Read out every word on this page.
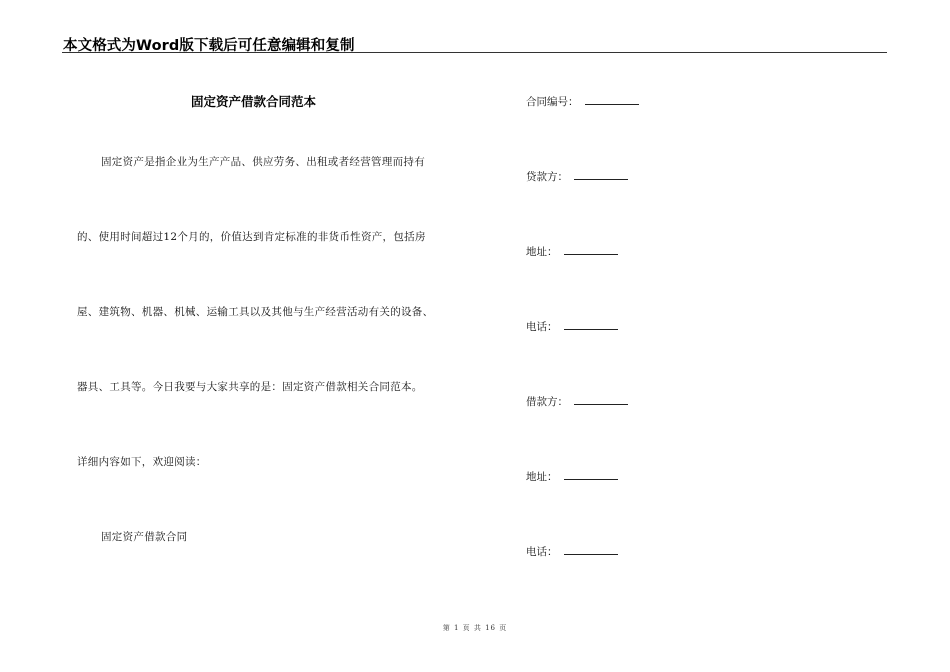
本文格式为Word版下载后可任意编辑和复制
固定资产借款合同范本
固定资产是指企业为生产产品、供应劳务、出租或者经营管理而持有
的、使用时间超过12个月的，价值达到肯定标准的非货币性资产，包括房
屋、建筑物、机器、机械、运输工具以及其他与生产经营活动有关的设备、
器具、工具等。今日我要与大家共享的是：固定资产借款相关合同范本。
详细内容如下，欢迎阅读：
固定资产借款合同
合同编号：
贷款方：
地址：
电话：
借款方：
地址：
电话：
第 1 页 共 16 页
